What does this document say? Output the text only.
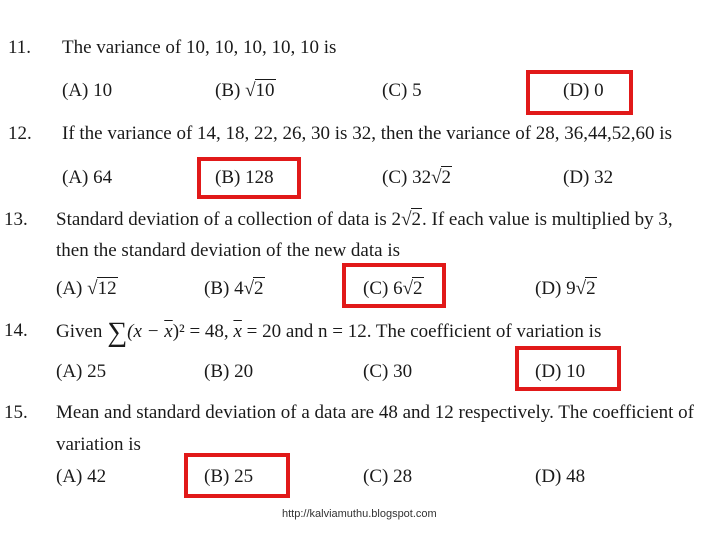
11. The variance of 10, 10, 10, 10, 10 is
(A) 10	(B) √10	(C) 5	(D) 0
12. If the variance of 14, 18, 22, 26, 30 is 32, then the variance of 28, 36,44,52,60 is
(A) 64	(B) 128	(C) 32√2	(D) 32
13. Standard deviation of a collection of data is 2√2. If each value is multiplied by 3,
then the standard deviation of the new data is
(A) √12	(B) 4√2	(C) 6√2	(D) 9√2
14. Given $\sum(x - \overline{x})^2 = 48$, $\overline{x} = 20$ and n = 12. The coefficient of variation is
(A) 25	(B) 20	(C) 30	(D) 10
15. Mean and standard deviation of a data are 48 and 12 respectively. The coefficient of
variation is
(A) 42	(B) 25	(C) 28	(D) 48
http://kalviamuthu.blogspot.com
